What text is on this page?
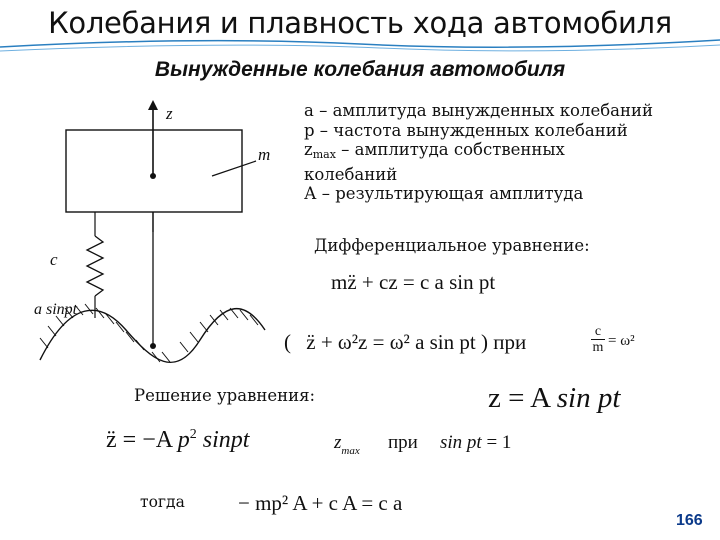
Колебания и плавность хода автомобиля
Вынужденные колебания автомобиля
z
m
c
a sinpt
а – амплитуда вынужденных колебаний
р – частота вынужденных колебаний
zmax – амплитуда собственных
колебаний
А – результирующая амплитуда
Дифференциальное уравнение:
mz̈ + cz = c a sin pt
( z̈ + ω²z = ω² a sin pt ) при	c
m = ω²
Решение уравнения:	z = A sin pt
z̈ = −A $p^2$ sinpt	$z_{max}$ при sin pt = 1
тогда	− mp² A + c A = c a
166
